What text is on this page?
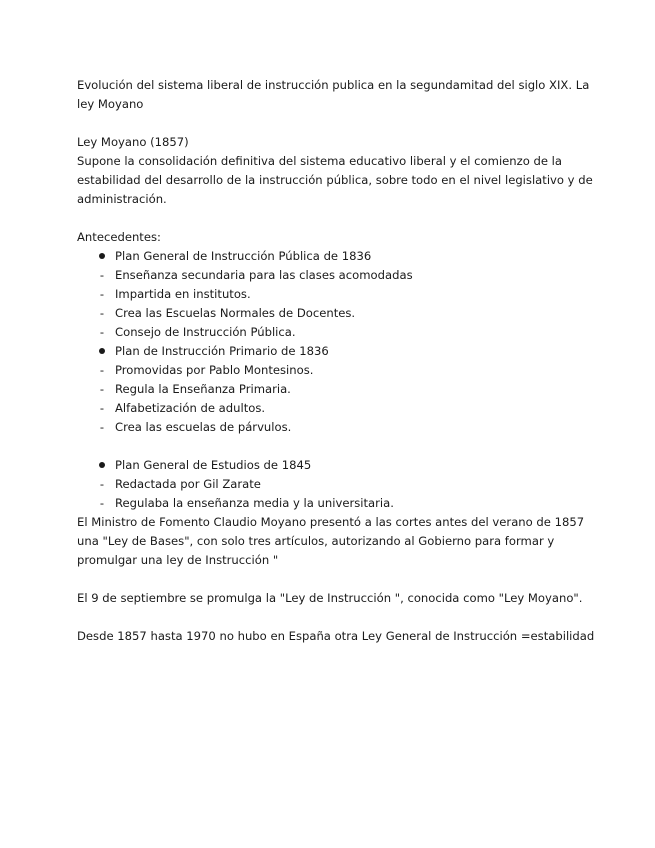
Evolución del sistema liberal de instrucción publica en la segundamitad del siglo XIX. La ley Moyano

Ley Moyano (1857)

Supone la consolidación definitiva del sistema educativo liberal y el comienzo de la estabilidad del desarrollo de la instrucción pública, sobre todo en el nivel legislativo y de administración.

Antecedentes:

Plan General de Instrucción Pública de 1836
-
Enseñanza secundaria para las clases acomodadas
-
Impartida en institutos.
-
Crea las Escuelas Normales de Docentes.
-
Consejo de Instrucción Pública.
Plan de Instrucción Primario de 1836
-
Promovidas por Pablo Montesinos.
-
Regula la Enseñanza Primaria.
-
Alfabetización de adultos.
-
Crea las escuelas de párvulos.
Plan General de Estudios de 1845
-
Redactada por Gil Zarate
-
Regulaba la enseñanza media y la universitaria.

El Ministro de Fomento Claudio Moyano presentó a las cortes antes del verano de 1857 una "Ley de Bases", con solo tres artículos, autorizando al Gobierno para formar y promulgar una ley de Instrucción "

El 9 de septiembre se promulga la "Ley de Instrucción ", conocida como "Ley Moyano".

Desde 1857 hasta 1970 no hubo en España otra Ley General de Instrucción =estabilidad
